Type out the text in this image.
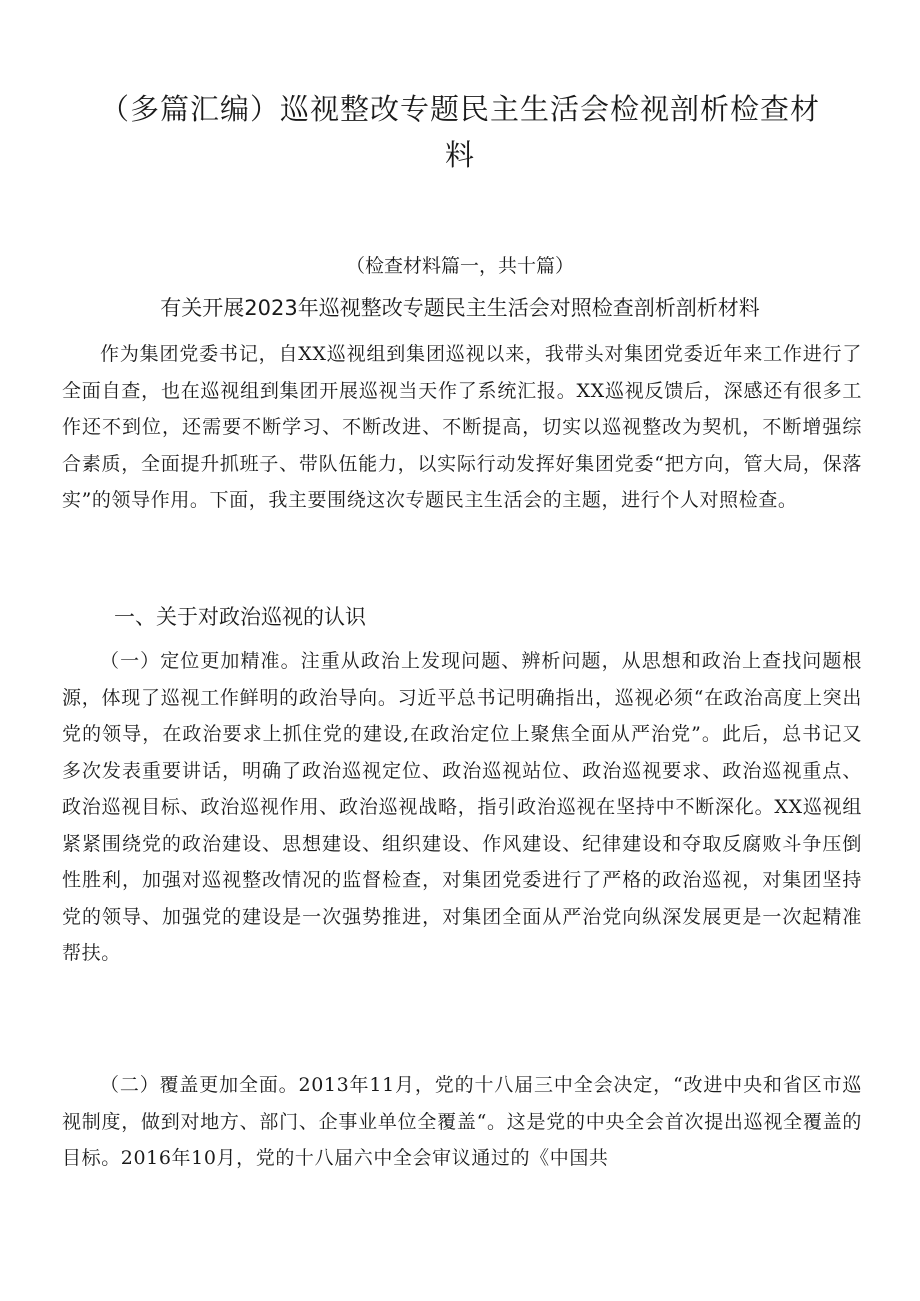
（多篇汇编）巡视整改专题民主生活会检视剖析检查材料

（检查材料篇一，共十篇）

有关开展2023年巡视整改专题民主生活会对照检查剖析剖析材料

作为集团党委书记，自XX巡视组到集团巡视以来，我带头对集团党委近年来工作进行了全面自查，也在巡视组到集团开展巡视当天作了系统汇报。XX巡视反馈后，深感还有很多工作还不到位，还需要不断学习、不断改进、不断提高，切实以巡视整改为契机，不断增强综合素质，全面提升抓班子、带队伍能力，以实际行动发挥好集团党委“把方向，管大局，保落实”的领导作用。下面，我主要围绕这次专题民主生活会的主题，进行个人对照检查。

一、关于对政治巡视的认识

（一）定位更加精准。注重从政治上发现问题、辨析问题，从思想和政治上查找问题根源，体现了巡视工作鲜明的政治导向。习近平总书记明确指出，巡视必须“在政治高度上突出党的领导，在政治要求上抓住党的建设,在政治定位上聚焦全面从严治党”。此后，总书记又多次发表重要讲话，明确了政治巡视定位、政治巡视站位、政治巡视要求、政治巡视重点、政治巡视目标、政治巡视作用、政治巡视战略，指引政治巡视在坚持中不断深化。XX巡视组紧紧围绕党的政治建设、思想建设、组织建设、作风建设、纪律建设和夺取反腐败斗争压倒性胜利，加强对巡视整改情况的监督检查，对集团党委进行了严格的政治巡视，对集团坚持党的领导、加强党的建设是一次强势推进，对集团全面从严治党向纵深发展更是一次起精准帮扶。

（二）覆盖更加全面。2013年11月，党的十八届三中全会决定，“改进中央和省区市巡视制度，做到对地方、部门、企事业单位全覆盖“。这是党的中央全会首次提出巡视全覆盖的目标。2016年10月，党的十八届六中全会审议通过的《中国共
